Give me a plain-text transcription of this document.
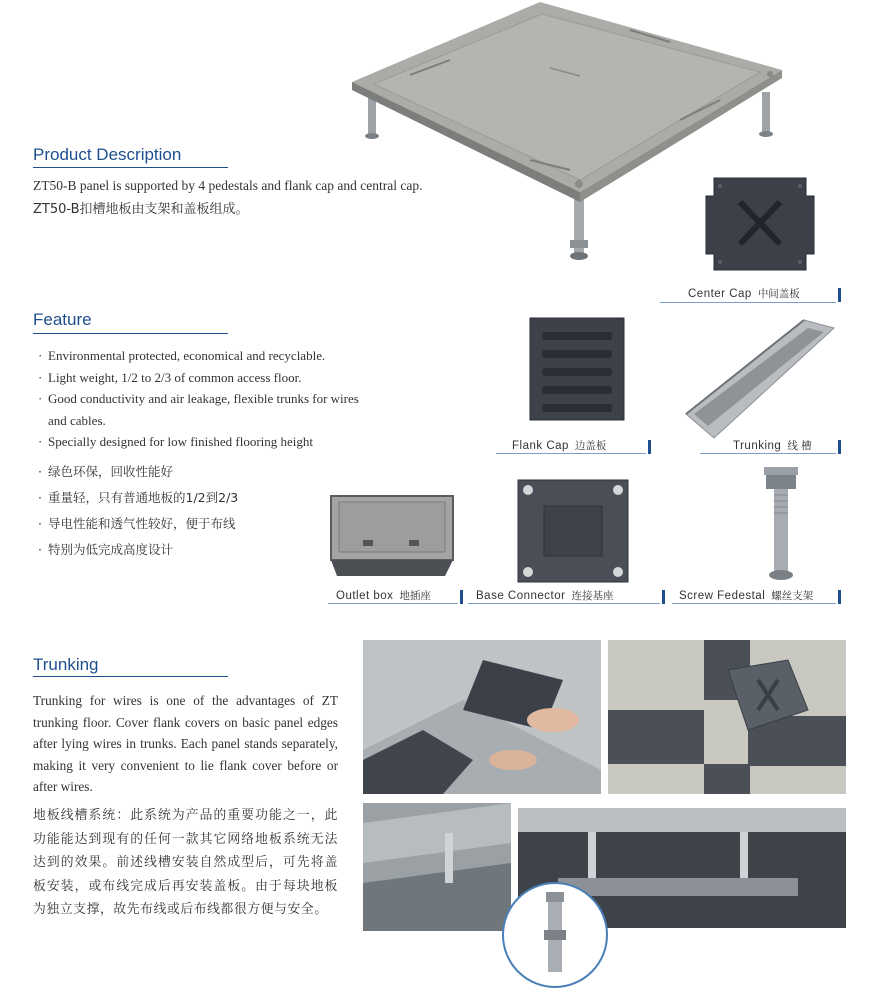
Product Description
ZT50-B panel is supported by 4 pedestals and flank cap and central cap.
ZT50-B扣槽地板由支架和盖板组成。
Center Cap 中间盖板
Feature
· Environmental protected, economical and recyclable.
· Light weight, 1/2 to 2/3 of common access floor.
· Good conductivity and air leakage, flexible trunks for wires
and cables.
· Specially designed for low finished flooring height
· 绿色环保，回收性能好
· 重量轻，只有普通地板的1/2到2/3
· 导电性能和透气性较好，便于布线
· 特别为低完成高度设计
Flank Cap 边盖板	Trunking 线 槽
Outlet box 地插座	Base Connector 连接基座	Screw Fedestal 螺丝支架
Trunking
Trunking for wires is one of the advantages of ZT trunking floor. Cover flank covers on basic panel edges after lying wires in trunks. Each panel stands separately, making it very convenient to lie flank cover before or after wires.
地板线槽系统：此系统为产品的重要功能之一，此功能能达到现有的任何一款其它网络地板系统无法达到的效果。前述线槽安装自然成型后，可先将盖板安装，或布线完成后再安装盖板。由于每块地板为独立支撑，故先布线或后布线都很方便与安全。
